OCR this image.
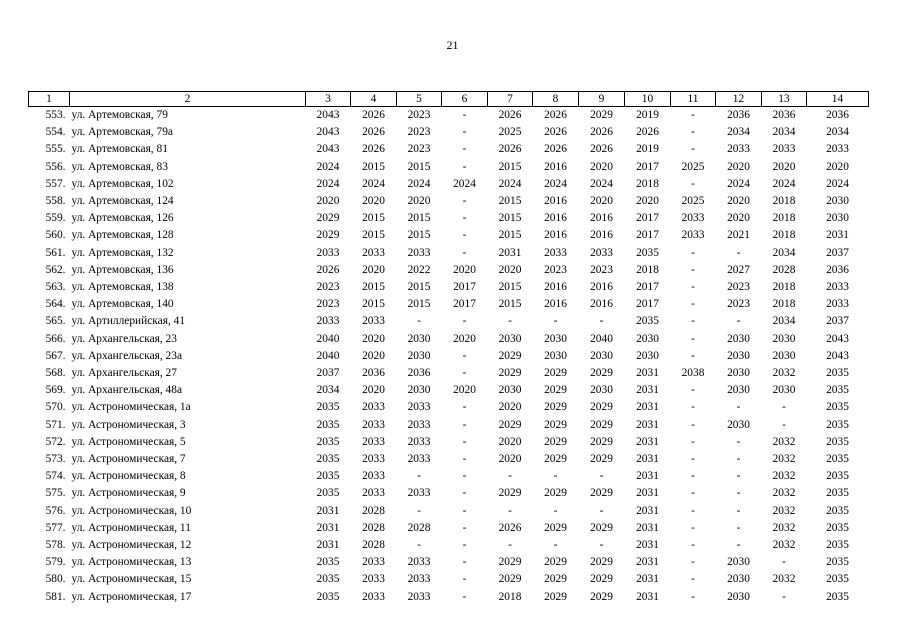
21
1	2	3	4	5	6	7	8	9	10	11	12	13	14
553.	ул. Артемовская, 79	2043	2026	2023	-	2026	2026	2029	2019	-	2036	2036	2036
554.	ул. Артемовская, 79а	2043	2026	2023	-	2025	2026	2026	2026	-	2034	2034	2034
555.	ул. Артемовская, 81	2043	2026	2023	-	2026	2026	2026	2019	-	2033	2033	2033
556.	ул. Артемовская, 83	2024	2015	2015	-	2015	2016	2020	2017	2025	2020	2020	2020
557.	ул. Артемовская, 102	2024	2024	2024	2024	2024	2024	2024	2018	-	2024	2024	2024
558.	ул. Артемовская, 124	2020	2020	2020	-	2015	2016	2020	2020	2025	2020	2018	2030
559.	ул. Артемовская, 126	2029	2015	2015	-	2015	2016	2016	2017	2033	2020	2018	2030
560.	ул. Артемовская, 128	2029	2015	2015	-	2015	2016	2016	2017	2033	2021	2018	2031
561.	ул. Артемовская, 132	2033	2033	2033	-	2031	2033	2033	2035	-	-	2034	2037
562.	ул. Артемовская, 136	2026	2020	2022	2020	2020	2023	2023	2018	-	2027	2028	2036
563.	ул. Артемовская, 138	2023	2015	2015	2017	2015	2016	2016	2017	-	2023	2018	2033
564.	ул. Артемовская, 140	2023	2015	2015	2017	2015	2016	2016	2017	-	2023	2018	2033
565.	ул. Артиллерийская, 41	2033	2033	-	-	-	-	-	2035	-	-	2034	2037
566.	ул. Архангельская, 23	2040	2020	2030	2020	2030	2030	2040	2030	-	2030	2030	2043
567.	ул. Архангельская, 23а	2040	2020	2030	-	2029	2030	2030	2030	-	2030	2030	2043
568.	ул. Архангельская, 27	2037	2036	2036	-	2029	2029	2029	2031	2038	2030	2032	2035
569.	ул. Архангельская, 48а	2034	2020	2030	2020	2030	2029	2030	2031	-	2030	2030	2035
570.	ул. Астрономическая, 1а	2035	2033	2033	-	2020	2029	2029	2031	-	-	-	2035
571.	ул. Астрономическая, 3	2035	2033	2033	-	2029	2029	2029	2031	-	2030	-	2035
572.	ул. Астрономическая, 5	2035	2033	2033	-	2020	2029	2029	2031	-	-	2032	2035
573.	ул. Астрономическая, 7	2035	2033	2033	-	2020	2029	2029	2031	-	-	2032	2035
574.	ул. Астрономическая, 8	2035	2033	-	-	-	-	-	2031	-	-	2032	2035
575.	ул. Астрономическая, 9	2035	2033	2033	-	2029	2029	2029	2031	-	-	2032	2035
576.	ул. Астрономическая, 10	2031	2028	-	-	-	-	-	2031	-	-	2032	2035
577.	ул. Астрономическая, 11	2031	2028	2028	-	2026	2029	2029	2031	-	-	2032	2035
578.	ул. Астрономическая, 12	2031	2028	-	-	-	-	-	2031	-	-	2032	2035
579.	ул. Астрономическая, 13	2035	2033	2033	-	2029	2029	2029	2031	-	2030	-	2035
580.	ул. Астрономическая, 15	2035	2033	2033	-	2029	2029	2029	2031	-	2030	2032	2035
581.	ул. Астрономическая, 17	2035	2033	2033	-	2018	2029	2029	2031	-	2030	-	2035
